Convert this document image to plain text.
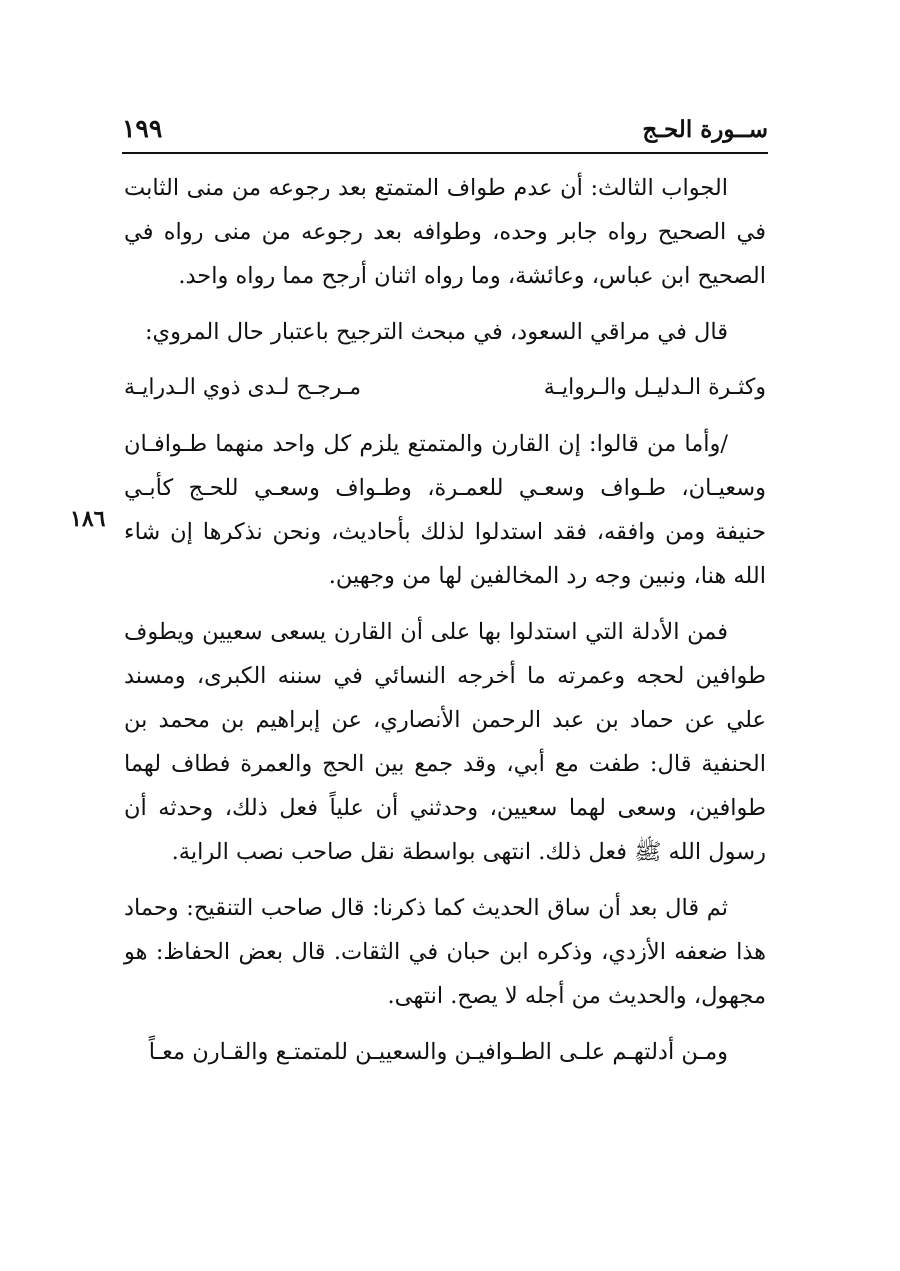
ســورة الحـج
١٩٩
١٨٦

الجواب الثالث: أن عدم طواف المتمتع بعد رجوعه من منى الثابت في الصحيح رواه جابر وحده، وطوافه بعد رجوعه من منى رواه في الصحيح ابن عباس، وعائشة، وما رواه اثنان أرجح مما رواه واحد.

قال في مراقي السعود، في مبحث الترجيح باعتبار حال المروي:

وكثـرة الـدليـل والـروايـة
مـرجـح لـدى ذوي الـدرايـة

/وأما من قالوا: إن القارن والمتمتع يلزم كل واحد منهما طـوافـان وسعيـان، طـواف وسعـي للعمـرة، وطـواف وسعـي للحـج كأبـي حنيفة ومن وافقه، فقد استدلوا لذلك بأحاديث، ونحن نذكرها إن شاء الله هنا، ونبين وجه رد المخالفين لها من وجهين.

فمن الأدلة التي استدلوا بها على أن القارن يسعى سعيين ويطوف طوافين لحجه وعمرته ما أخرجه النسائي في سننه الكبرى، ومسند علي عن حماد بن عبد الرحمن الأنصاري، عن إبراهيم بن محمد بن الحنفية قال: طفت مع أبي، وقد جمع بين الحج والعمرة فطاف لهما طوافين، وسعى لهما سعيين، وحدثني أن علياً فعل ذلك، وحدثه أن رسول الله ﷺ فعل ذلك. انتهى بواسطة نقل صاحب نصب الراية.

ثم قال بعد أن ساق الحديث كما ذكرنا: قال صاحب التنقيح: وحماد هذا ضعفه الأزدي، وذكره ابن حبان في الثقات. قال بعض الحفاظ: هو مجهول، والحديث من أجله لا يصح. انتهى.

ومـن أدلتهـم علـى الطـوافيـن والسعييـن للمتمتـع والقـارن معـاً
